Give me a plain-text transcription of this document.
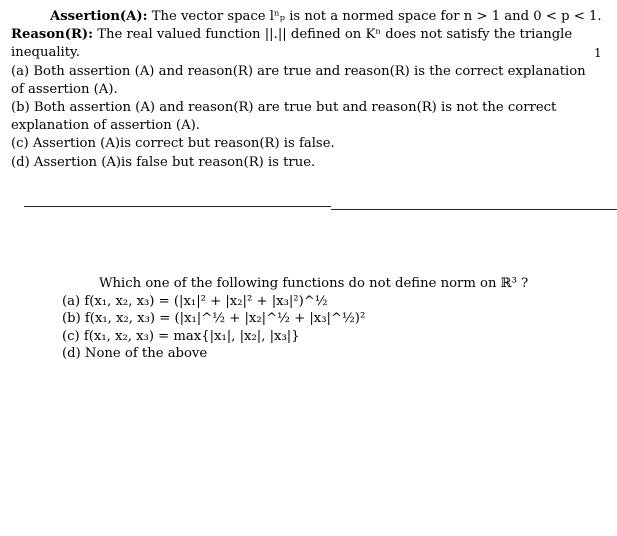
Assertion(A): The vector space lⁿₚ is not a normed space for n > 1 and 0 < p < 1.
Reason(R): The real valued function ||.|| defined on Kⁿ does not satisfy the triangle
inequality.
(a) Both assertion (A) and reason(R) are true and reason(R) is the correct explanation
of assertion (A).
(b) Both assertion (A) and reason(R) are true but and reason(R) is not the correct
explanation of assertion (A).
(c) Assertion (A)is correct but reason(R) is false.
(d) Assertion (A)is false but reason(R) is true.
1
Which one of the following functions do not define norm on ℝ³ ?
(a) f(x₁, x₂, x₃) = (|x₁|² + |x₂|² + |x₃|²)^½
(b) f(x₁, x₂, x₃) = (|x₁|^½ + |x₂|^½ + |x₃|^½)²
(c) f(x₁, x₂, x₃) = max{|x₁|, |x₂|, |x₃|}
(d) None of the above
